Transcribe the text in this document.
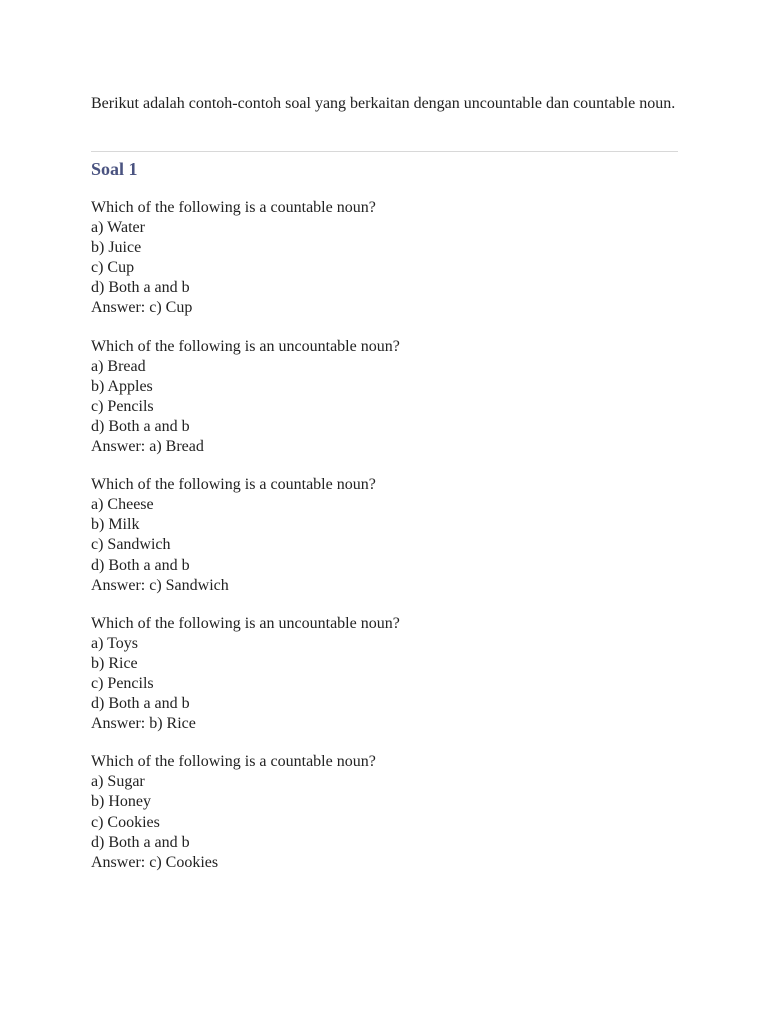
Berikut adalah contoh-contoh soal yang berkaitan dengan uncountable dan countable noun.

Soal 1
Which of the following is a countable noun?
a) Water
b) Juice
c) Cup
d) Both a and b
Answer: c) Cup
Which of the following is an uncountable noun?
a) Bread
b) Apples
c) Pencils
d) Both a and b
Answer: a) Bread
Which of the following is a countable noun?
a) Cheese
b) Milk
c) Sandwich
d) Both a and b
Answer: c) Sandwich
Which of the following is an uncountable noun?
a) Toys
b) Rice
c) Pencils
d) Both a and b
Answer: b) Rice
Which of the following is a countable noun?
a) Sugar
b) Honey
c) Cookies
d) Both a and b
Answer: c) Cookies
